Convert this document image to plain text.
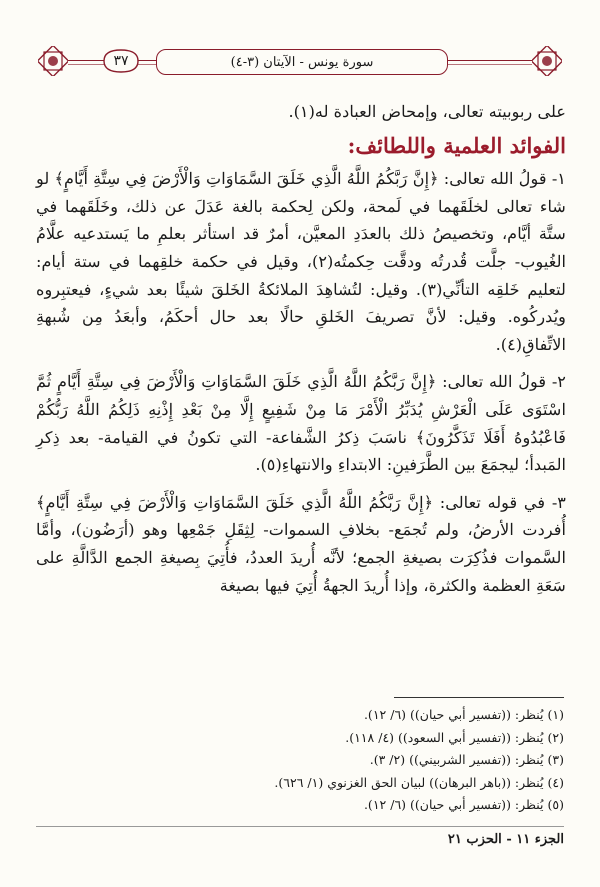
٣٧	سورة يونس - الآيتان (٣-٤)

على ربوبيته تعالى، وإمحاض العبادة له(١).

الفوائد العلمية واللطائف:

١- قولُ الله تعالى: ﴿إِنَّ رَبَّكُمُ اللَّهُ الَّذِي خَلَقَ السَّمَاوَاتِ وَالْأَرْضَ فِي سِتَّةِ أَيَّامٍ﴾ لو شاء تعالى لخلَقَهما في لَمحة، ولكن لِحكمة بالغة عَدَلَ عن ذلك، وخَلَقَهما في ستَّة أيَّام، وتخصيصُ ذلك بالعدَدِ المعيَّن، أمرٌ قد استأثر بعلمِ ما يَستدعيه علَّامُ الغُيوب- جلَّت قُدرتُه ودقَّت حِكمتُه(٢)، وقيل في حكمة خلقِهما في ستة أيام: لتعليم خَلقِه التأنِّي(٣). وقيل: لتُشاهِدَ الملائكةُ الخَلقَ شيئًا بعد شيءٍ، فيعتبِروه ويُدركُوه. وقيل: لأنَّ تصريفَ الخَلقِ حالًا بعد حال أحكَمُ، وأبعَدُ مِن شُبهةِ الاتِّفاقِ(٤).

٢- قولُ الله تعالى: ﴿إِنَّ رَبَّكُمُ اللَّهُ الَّذِي خَلَقَ السَّمَاوَاتِ وَالْأَرْضَ فِي سِتَّةِ أَيَّامٍ ثُمَّ اسْتَوَى عَلَى الْعَرْشِ يُدَبِّرُ الْأَمْرَ مَا مِنْ شَفِيعٍ إِلَّا مِنْ بَعْدِ إِذْنِهِ ذَلِكُمُ اللَّهُ رَبُّكُمْ فَاعْبُدُوهُ أَفَلَا تَذَكَّرُونَ﴾ ناسَبَ ذِكرُ الشَّفاعة- التي تكونُ في القيامة- بعد ذِكرِ المَبدأ؛ ليجمَعَ بين الطَّرَفينِ: الابتداءِ والانتهاءِ(٥).

٣- في قوله تعالى: ﴿إِنَّ رَبَّكُمُ اللَّهُ الَّذِي خَلَقَ السَّمَاوَاتِ وَالْأَرْضَ فِي سِتَّةِ أَيَّامٍ﴾ أُفردت الأرضُ، ولم تُجمَع- بخلافِ السموات- لِثِقَلِ جَمْعِها وهو (أرَضُون)، وأمَّا السَّموات فذُكِرَت بصيغةِ الجمع؛ لأنَّه أُريدَ العددُ، فأُتِيَ بِصيغةِ الجمع الدَّالَّةِ على سَعَةِ العظمة والكثرة، وإذا أُريدَ الجهةُ أُتِيَ فيها بصيغة

(١) يُنظر: ((تفسير أبي حيان)) (٦/ ١٢).
(٢) يُنظر: ((تفسير أبي السعود)) (٤/ ١١٨).
(٣) يُنظر: ((تفسير الشربيني)) (٢/ ٣).
(٤) يُنظر: ((باهر البرهان)) لبيان الحق الغزنوي (١/ ٦٢٦).
(٥) يُنظر: ((تفسير أبي حيان)) (٦/ ١٢).
الجزء ١١ - الحزب ٢١
